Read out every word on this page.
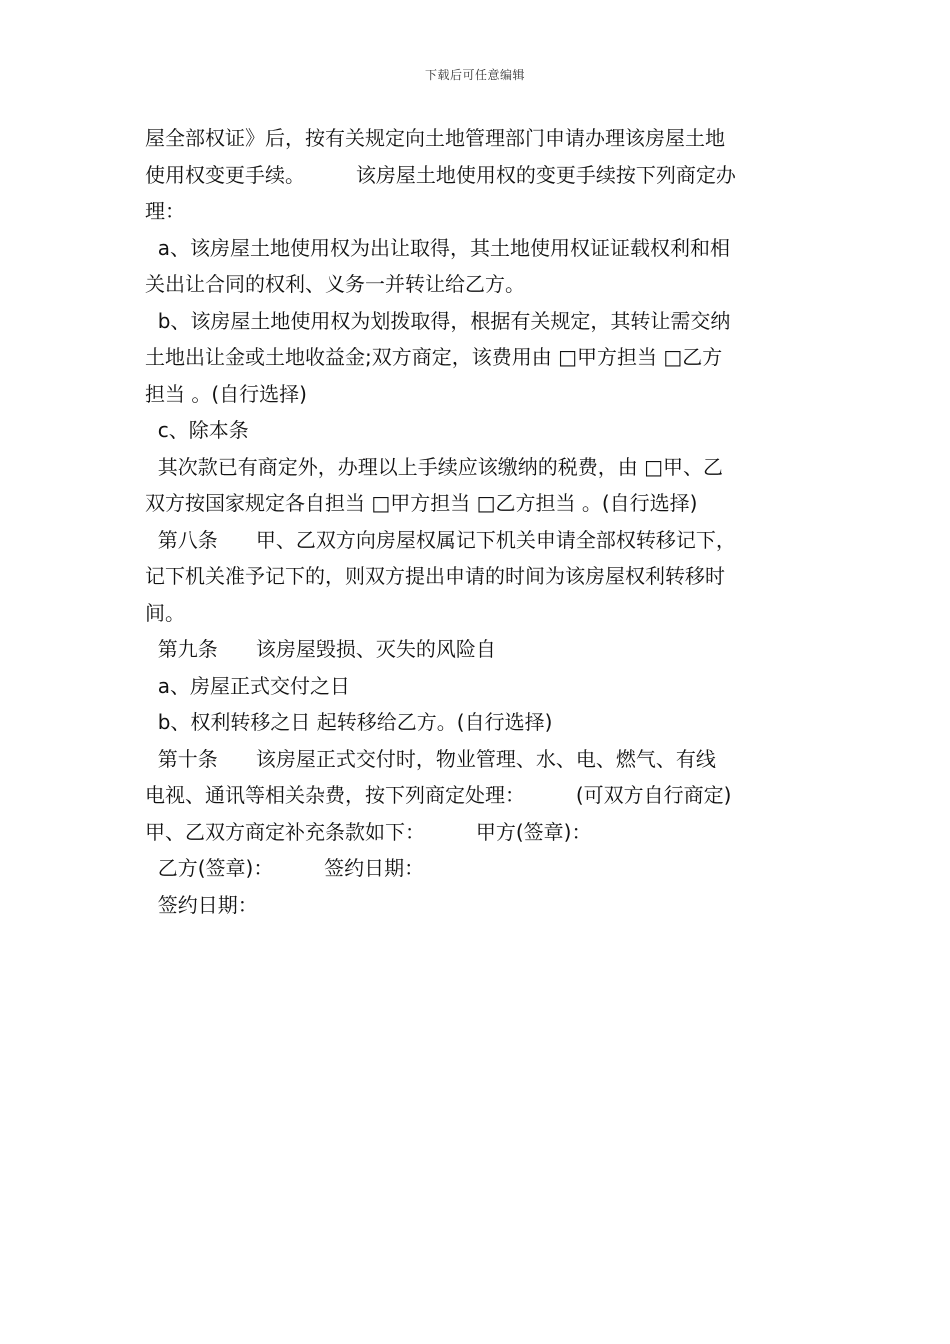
下载后可任意编辑
屋全部权证》后，按有关规定向土地管理部门申请办理该房屋土地
使用权变更手续。        该房屋土地使用权的变更手续按下列商定办
理：
a、该房屋土地使用权为出让取得，其土地使用权证证载权利和相
关出让合同的权利、义务一并转让给乙方。
b、该房屋土地使用权为划拨取得，根据有关规定，其转让需交纳
土地出让金或土地收益金;双方商定，该费用由 □甲方担当 □乙方
担当 。(自行选择)
c、除本条
其次款已有商定外，办理以上手续应该缴纳的税费，由 □甲、乙
双方按国家规定各自担当 □甲方担当 □乙方担当 。(自行选择)
第八条      甲、乙双方向房屋权属记下机关申请全部权转移记下，
记下机关准予记下的，则双方提出申请的时间为该房屋权利转移时
间。
第九条      该房屋毁损、灭失的风险自
a、房屋正式交付之日
b、权利转移之日 起转移给乙方。(自行选择)
第十条      该房屋正式交付时，物业管理、水、电、燃气、有线
电视、通讯等相关杂费，按下列商定处理：        (可双方自行商定)
甲、乙双方商定补充条款如下：        甲方(签章)：
乙方(签章)：        签约日期：
签约日期：
